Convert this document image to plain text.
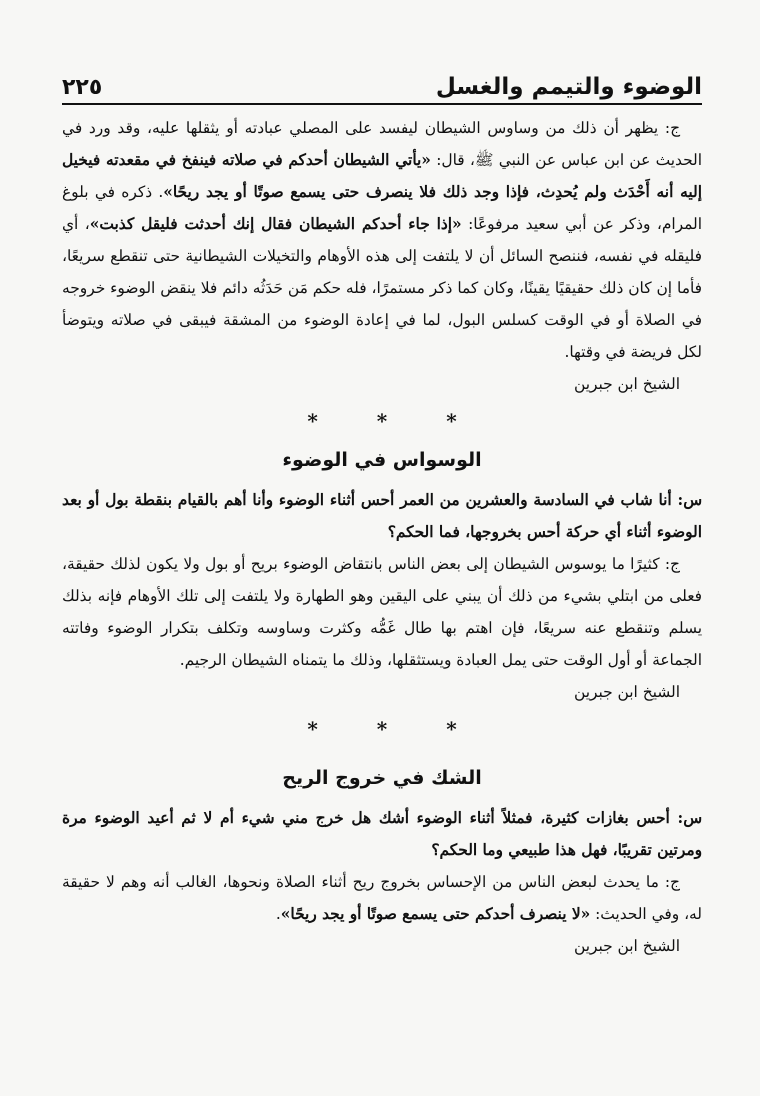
الوضوء والتيمم والغسل
٢٢٥

ج: يظهر أن ذلك من وساوس الشيطان ليفسد على المصلي عبادته أو يثقلها عليه، وقد ورد في الحديث عن ابن عباس عن النبي ﷺ، قال: «يأتي الشيطان أحدكم في صلاته فينفخ في مقعدته فيخيل إليه أنه أَحْدَث ولم يُحدِث، فإذا وجد ذلك فلا ينصرف حتى يسمع صوتًا أو يجد ريحًا». ذكره في بلوغ المرام، وذكر عن أبي سعيد مرفوعًا: «إذا جاء أحدكم الشيطان فقال إنك أحدثت فليقل كذبت»، أي فليقله في نفسه، فننصح السائل أن لا يلتفت إلى هذه الأوهام والتخيلات الشيطانية حتى تنقطع سريعًا، فأما إن كان ذلك حقيقيًا يقينًا، وكان كما ذكر مستمرًا، فله حكم مَن حَدَثُه دائم فلا ينقض الوضوء خروجه في الصلاة أو في الوقت كسلس البول، لما في إعادة الوضوء من المشقة فيبقى في صلاته ويتوضأ لكل فريضة في وقتها.

الشيخ ابن جبرين

* * *
الوسواس في الوضوء

س: أنا شاب في السادسة والعشرين من العمر أحس أثناء الوضوء وأنا أهم بالقيام بنقطة بول أو بعد الوضوء أثناء أي حركة أحس بخروجها، فما الحكم؟

ج: كثيرًا ما يوسوس الشيطان إلى بعض الناس بانتقاض الوضوء بريح أو بول ولا يكون لذلك حقيقة، فعلى من ابتلي بشيء من ذلك أن يبني على اليقين وهو الطهارة ولا يلتفت إلى تلك الأوهام فإنه بذلك يسلم وتنقطع عنه سريعًا، فإن اهتم بها طال غَمُّه وكثرت وساوسه وتكلف بتكرار الوضوء وفاتته الجماعة أو أول الوقت حتى يمل العبادة ويستثقلها، وذلك ما يتمناه الشيطان الرجيم.

الشيخ ابن جبرين

* * *
الشك في خروج الريح

س: أحس بغازات كثيرة، فمثلاً أثناء الوضوء أشك هل خرج مني شيء أم لا ثم أعيد الوضوء مرة ومرتين تقريبًا، فهل هذا طبيعي وما الحكم؟

ج: ما يحدث لبعض الناس من الإحساس بخروج ريح أثناء الصلاة ونحوها، الغالب أنه وهم لا حقيقة له، وفي الحديث: «لا ينصرف أحدكم حتى يسمع صوتًا أو يجد ريحًا».

الشيخ ابن جبرين
